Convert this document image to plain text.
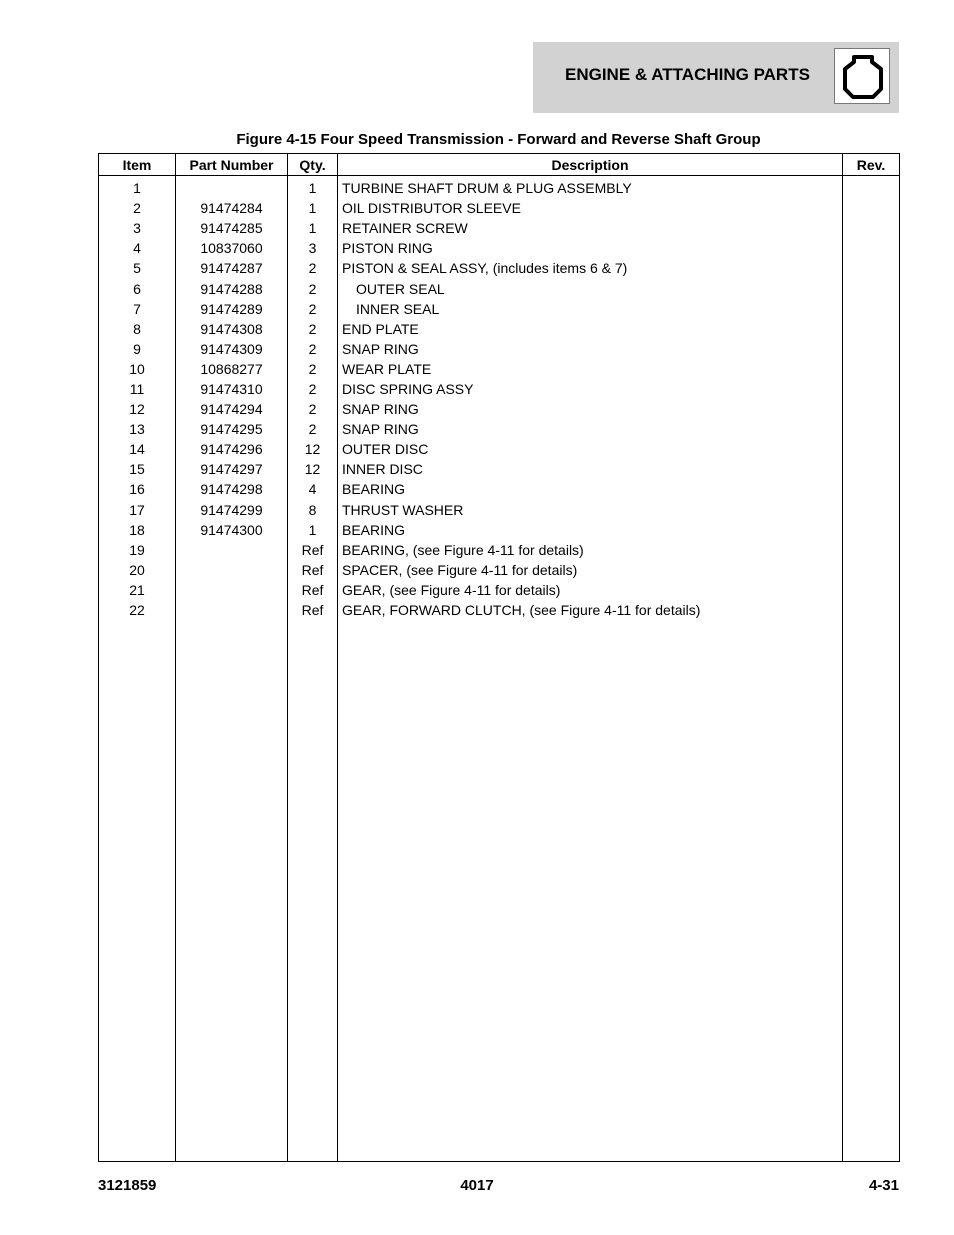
ENGINE & ATTACHING PARTS
Figure 4-15 Four Speed Transmission - Forward and Reverse Shaft Group
Item	Part Number	Qty.	Description	Rev.
1		1	TURBINE SHAFT DRUM & PLUG ASSEMBLY	
2	91474284	1	OIL DISTRIBUTOR SLEEVE	
3	91474285	1	RETAINER SCREW	
4	10837060	3	PISTON RING	
5	91474287	2	PISTON & SEAL ASSY, (includes items 6 & 7)	
6	91474288	2	OUTER SEAL	
7	91474289	2	INNER SEAL	
8	91474308	2	END PLATE	
9	91474309	2	SNAP RING	
10	10868277	2	WEAR PLATE	
11	91474310	2	DISC SPRING ASSY	
12	91474294	2	SNAP RING	
13	91474295	2	SNAP RING	
14	91474296	12	OUTER DISC	
15	91474297	12	INNER DISC	
16	91474298	4	BEARING	
17	91474299	8	THRUST WASHER	
18	91474300	1	BEARING	
19		Ref	BEARING, (see Figure 4-11 for details)	
20		Ref	SPACER, (see Figure 4-11 for details)	
21		Ref	GEAR, (see Figure 4-11 for details)	
22		Ref	GEAR, FORWARD CLUTCH, (see Figure 4-11 for details)	

3121859	4017	4-31
